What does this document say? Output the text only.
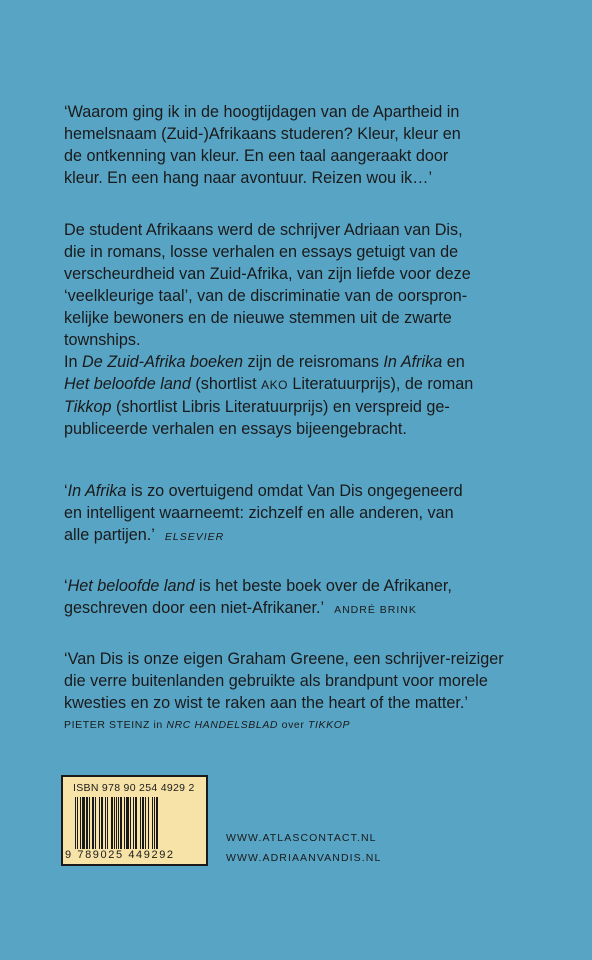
‘Waarom ging ik in de hoogtijdagen van de Apartheid in

hemelsnaam (Zuid-)Afrikaans studeren? Kleur, kleur en

de ontkenning van kleur. En een taal aangeraakt door

kleur. En een hang naar avontuur. Reizen wou ik…’

De student Afrikaans werd de schrijver Adriaan van Dis,

die in romans, losse verhalen en essays getuigt van de

verscheurdheid van Zuid-Afrika, van zijn liefde voor deze

‘veelkleurige taal’, van de discriminatie van de oorspron-

kelijke bewoners en de nieuwe stemmen uit de zwarte

townships.

In De Zuid-Afrika boeken zijn de reisromans In Afrika en

Het beloofde land (shortlist AKO Literatuurprijs), de roman

Tikkop (shortlist Libris Literatuurprijs) en verspreid ge-

publiceerde verhalen en essays bijeengebracht.

‘In Afrika is zo overtuigend omdat Van Dis ongegeneerd

en intelligent waarneemt: zichzelf en alle anderen, van

alle partijen.’ ELSEVIER

‘Het beloofde land is het beste boek over de Afrikaner,

geschreven door een niet-Afrikaner.’ ANDRÉ BRINK

‘Van Dis is onze eigen Graham Greene, een schrijver-reiziger

die verre buitenlanden gebruikte als brandpunt voor morele

kwesties en zo wist te raken aan the heart of the matter.’

PIETER STEINZ in NRC HANDELSBLAD over TIKKOP

ISBN 978 90 254 4929 2
9 789025 449292
WWW.ATLASCONTACT.NL
WWW.ADRIAANVANDIS.NL
